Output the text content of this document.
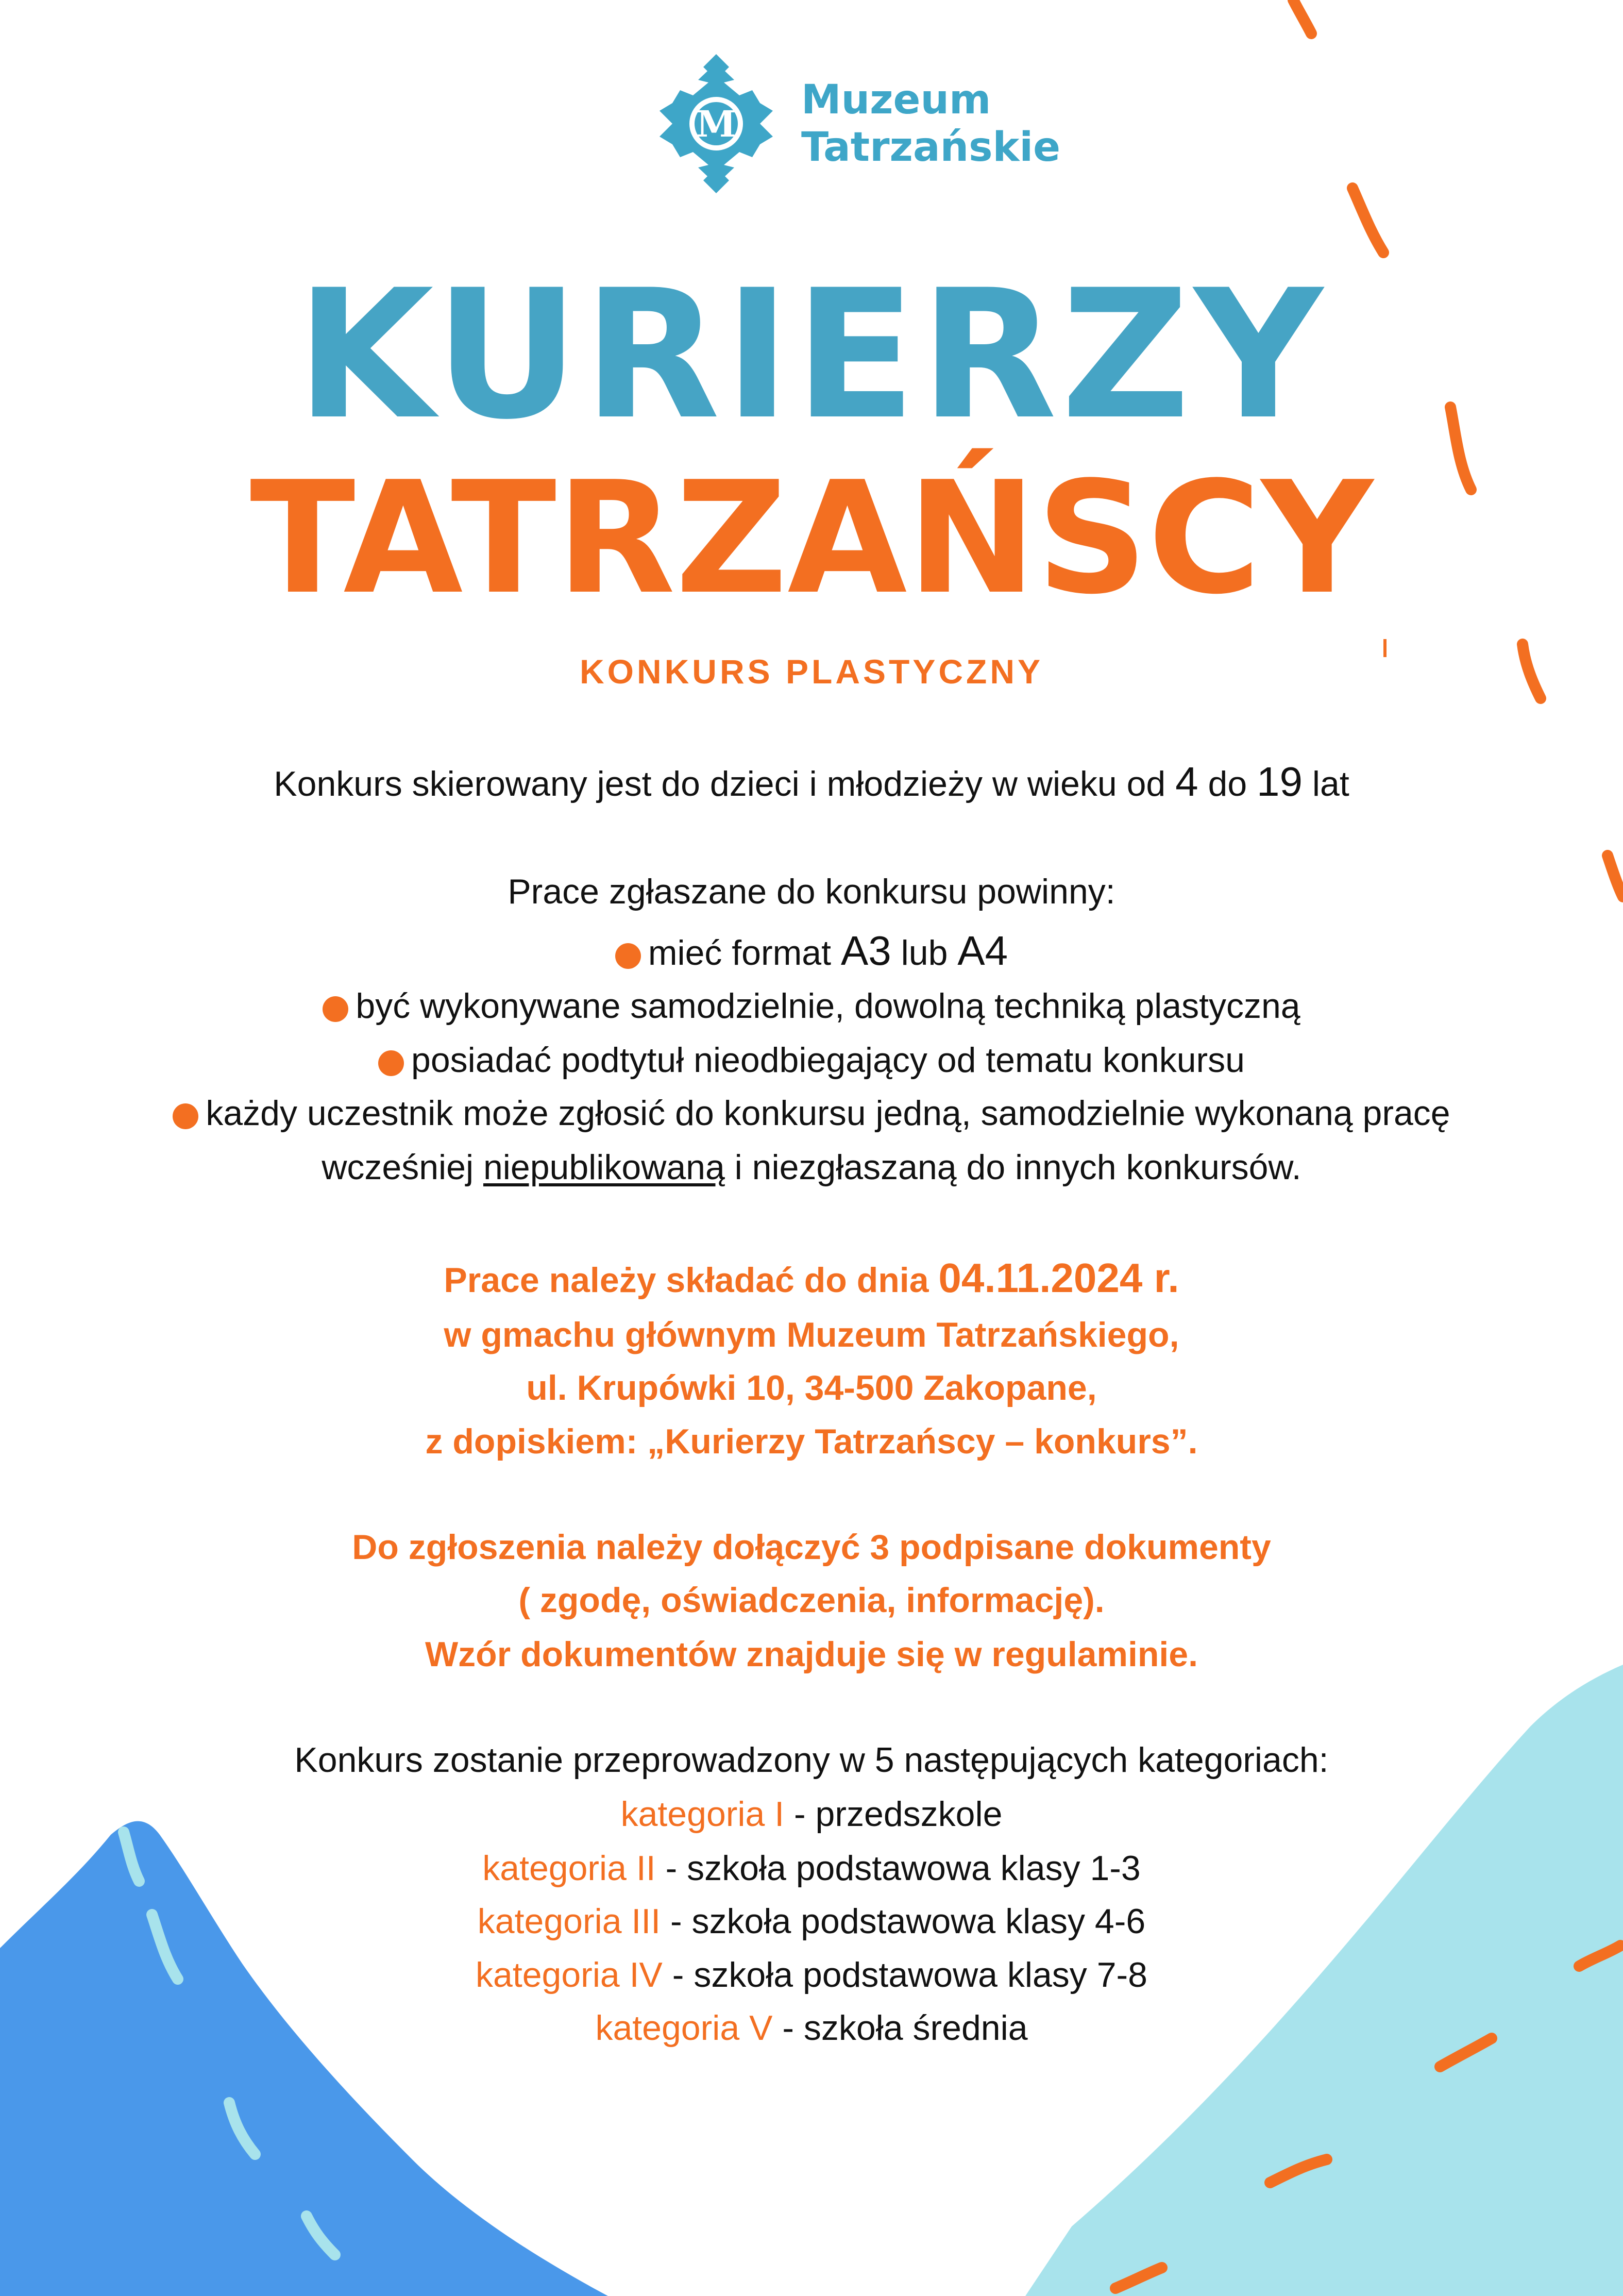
M
Muzeum
Tatrzańskie
KURIERZY
TATRZAŃSCY
KONKURS PLASTYCZNY
Konkurs skierowany jest do dzieci i młodzieży w wieku od 4 do 19 lat
Prace zgłaszane do konkursu powinny:
mieć format A3 lub A4
być wykonywane samodzielnie, dowolną techniką plastyczną
posiadać podtytuł nieodbiegający od tematu konkursu
każdy uczestnik może zgłosić do konkursu jedną, samodzielnie wykonaną pracę
wcześniej niepublikowaną i niezgłaszaną do innych konkursów.
Prace należy składać do dnia 04.11.2024 r.
w gmachu głównym Muzeum Tatrzańskiego,
ul. Krupówki 10, 34-500 Zakopane,
z dopiskiem: „Kurierzy Tatrzańscy – konkurs”.
Do zgłoszenia należy dołączyć 3 podpisane dokumenty
( zgodę, oświadczenia, informację).
Wzór dokumentów znajduje się w regulaminie.
Konkurs zostanie przeprowadzony w 5 następujących kategoriach:
kategoria I - przedszkole
kategoria II - szkoła podstawowa klasy 1-3
kategoria III - szkoła podstawowa klasy 4-6
kategoria IV - szkoła podstawowa klasy 7-8
kategoria V - szkoła średnia
